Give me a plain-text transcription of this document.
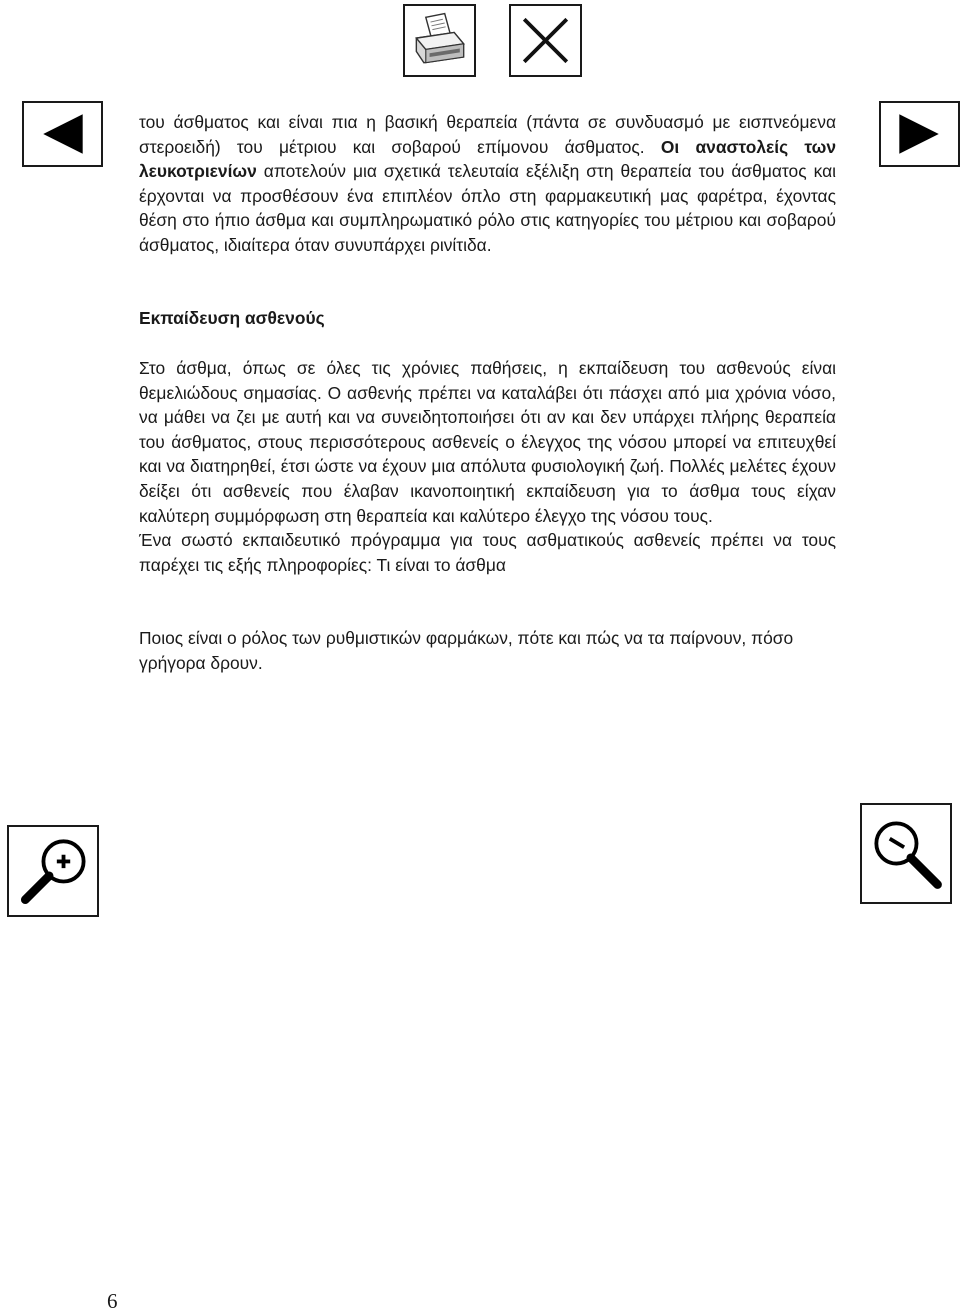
του άσθματος και είναι πια η βασική θεραπεία (πάντα σε συνδυασμό με εισπνεόμενα στεροειδή) του μέτριου και σοβαρού επίμονου άσθματος. Οι αναστολείς των λευκοτριενίων αποτελούν μια σχετικά τελευταία εξέλιξη στη θεραπεία του άσθματος και έρχονται να προσθέσουν ένα επιπλέον όπλο στη φαρμακευτική μας φαρέτρα, έχοντας θέση στο ήπιο άσθμα και συμπληρωματικό ρόλο στις κατηγορίες του μέτριου και σοβαρού άσθματος, ιδιαίτερα όταν συνυπάρχει ρινίτιδα.

Εκπαίδευση ασθενούς

Στο άσθμα, όπως σε όλες τις χρόνιες παθήσεις, η εκπαίδευση του ασθενούς είναι θεμελιώδους σημασίας. Ο ασθενής πρέπει να καταλάβει ότι πάσχει από μια χρόνια νόσο, να μάθει να ζει με αυτή και να συνειδητοποιήσει ότι αν και δεν υπάρχει πλήρης θεραπεία του άσθματος, στους περισσότερους ασθενείς ο έλεγχος της νόσου μπορεί να επιτευχθεί και να διατηρηθεί, έτσι ώστε να έχουν μια απόλυτα φυσιολογική ζωή. Πολλές μελέτες έχουν δείξει ότι ασθενείς που έλαβαν ικανοποιητική εκπαίδευση για το άσθμα τους είχαν καλύτερη συμμόρφωση στη θεραπεία και καλύτερο έλεγχο της νόσου τους.

Ένα σωστό εκπαιδευτικό πρόγραμμα για τους ασθματικούς ασθενείς πρέπει να τους παρέχει τις εξής πληροφορίες: Τι είναι το άσθμα

Ποιος είναι ο ρόλος των ρυθμιστικών φαρμάκων, πότε και πώς να τα παίρνουν, πόσο γρήγορα δρουν.

6
